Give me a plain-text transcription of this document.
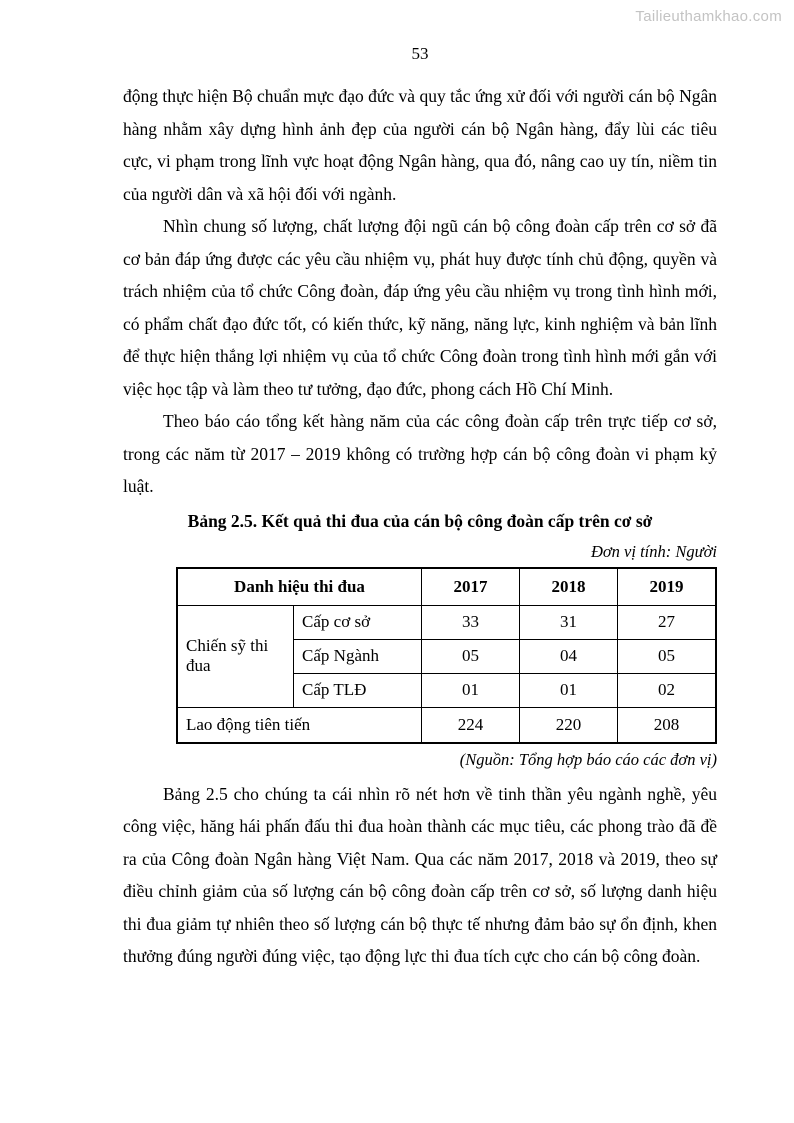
Tailieuthamkhao.com
53

động thực hiện Bộ chuẩn mực đạo đức và quy tắc ứng xử đối với người cán bộ Ngân hàng nhằm xây dựng hình ảnh đẹp của người cán bộ Ngân hàng, đẩy lùi các tiêu cực, vi phạm trong lĩnh vực hoạt động Ngân hàng, qua đó, nâng cao uy tín, niềm tin của người dân và xã hội đối với ngành.

Nhìn chung số lượng, chất lượng đội ngũ cán bộ công đoàn cấp trên cơ sở đã cơ bản đáp ứng được các yêu cầu nhiệm vụ, phát huy được tính chủ động, quyền và trách nhiệm của tổ chức Công đoàn, đáp ứng yêu cầu nhiệm vụ trong tình hình mới, có phẩm chất đạo đức tốt, có kiến thức, kỹ năng, năng lực, kinh nghiệm và bản lĩnh để thực hiện thắng lợi nhiệm vụ của tổ chức Công đoàn trong tình hình mới gắn với việc học tập và làm theo tư tưởng, đạo đức, phong cách Hồ Chí Minh.

Theo báo cáo tổng kết hàng năm của các công đoàn cấp trên trực tiếp cơ sở, trong các năm từ 2017 – 2019 không có trường hợp cán bộ công đoàn vi phạm kỷ luật.

Bảng 2.5. Kết quả thi đua của cán bộ công đoàn cấp trên cơ sở
Đơn vị tính: Người
Danh hiệu thi đua		2017	2018	2019
Chiến sỹ thi đua	Cấp cơ sở	33	31	27
	Cấp Ngành	05	04	05
	Cấp TLĐ	01	01	02
Lao động tiên tiến		224	220	208
(Nguồn: Tổng hợp báo cáo các đơn vị)

Bảng 2.5 cho chúng ta cái nhìn rõ nét hơn về tinh thần yêu ngành nghề, yêu công việc, hăng hái phấn đấu thi đua hoàn thành các mục tiêu, các phong trào đã đề ra của Công đoàn Ngân hàng Việt Nam. Qua các năm 2017, 2018 và 2019, theo sự điều chỉnh giảm của số lượng cán bộ công đoàn cấp trên cơ sở, số lượng danh hiệu thi đua giảm tự nhiên theo số lượng cán bộ thực tế nhưng đảm bảo sự ổn định, khen thưởng đúng người đúng việc, tạo động lực thi đua tích cực cho cán bộ công đoàn.
